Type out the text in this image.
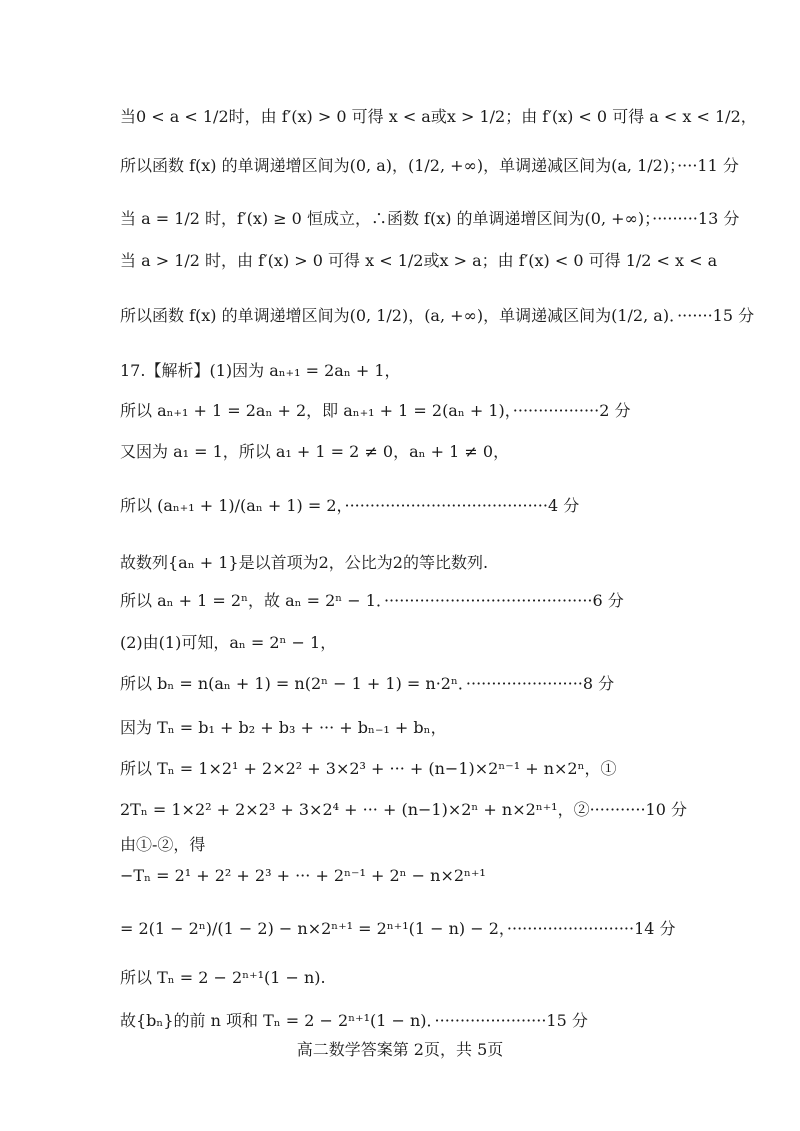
当0 < a < 1/2时，由 f′(x) > 0 可得 x < a或x > 1/2；由 f′(x) < 0 可得 a < x < 1/2，
所以函数 f(x) 的单调递增区间为(0, a)，(1/2, +∞)，单调递减区间为(a, 1/2)；····11 分
当 a = 1/2 时，f′(x) ≥ 0 恒成立，∴函数 f(x) 的单调递增区间为(0, +∞)；·········13 分
当 a > 1/2 时，由 f′(x) > 0 可得 x < 1/2或x > a；由 f′(x) < 0 可得 1/2 < x < a
所以函数 f(x) 的单调递增区间为(0, 1/2)，(a, +∞)，单调递减区间为(1/2, a)．·······15 分
17.【解析】(1)因为 aₙ₊₁ = 2aₙ + 1，
所以 aₙ₊₁ + 1 = 2aₙ + 2，即 aₙ₊₁ + 1 = 2(aₙ + 1)，·················2 分
又因为 a₁ = 1，所以 a₁ + 1 = 2 ≠ 0，aₙ + 1 ≠ 0，
所以 (aₙ₊₁ + 1)/(aₙ + 1) = 2，········································4 分
故数列{aₙ + 1}是以首项为2，公比为2的等比数列.
所以 aₙ + 1 = 2ⁿ，故 aₙ = 2ⁿ − 1．·········································6 分
(2)由(1)可知，aₙ = 2ⁿ − 1，
所以 bₙ = n(aₙ + 1) = n(2ⁿ − 1 + 1) = n·2ⁿ．·······················8 分
因为 Tₙ = b₁ + b₂ + b₃ + ··· + bₙ₋₁ + bₙ，
所以 Tₙ = 1×2¹ + 2×2² + 3×2³ + ··· + (n−1)×2ⁿ⁻¹ + n×2ⁿ，①
2Tₙ = 1×2² + 2×2³ + 3×2⁴ + ··· + (n−1)×2ⁿ + n×2ⁿ⁺¹，②···········10 分
由①-②，得
−Tₙ = 2¹ + 2² + 2³ + ··· + 2ⁿ⁻¹ + 2ⁿ − n×2ⁿ⁺¹
= 2(1 − 2ⁿ)/(1 − 2) − n×2ⁿ⁺¹ = 2ⁿ⁺¹(1 − n) − 2，·························14 分
所以 Tₙ = 2 − 2ⁿ⁺¹(1 − n).
故{bₙ}的前 n 项和 Tₙ = 2 − 2ⁿ⁺¹(1 − n)．······················15 分
高二数学答案第 2页，共 5页
